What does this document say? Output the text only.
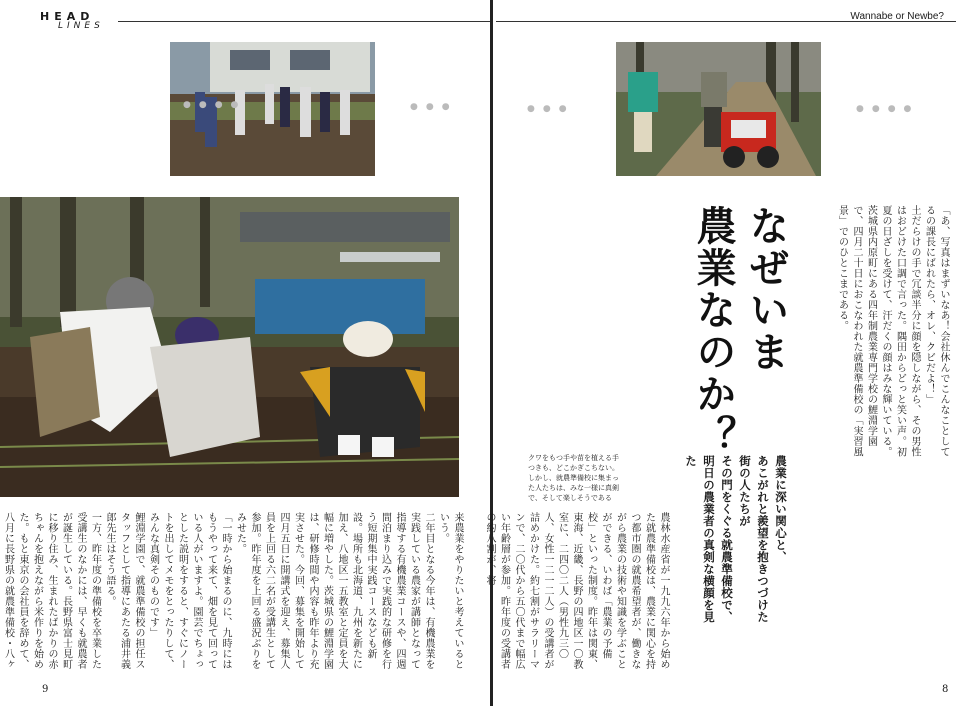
HEAD
LINES
Wannabe or Newbe?
●●●●	●●●	●●●	●●●●
なぜいま
農業なのか？
農業に深い関心と、
あこがれと羨望を抱きつづけた街の人たちが
その門をくぐる就農準備校で、
明日の農業者の真剣な横顔を見た
クワをもつ手や苗を植える手
つきも、どこかぎこちない。
しかし、就農準備校に集まっ
た人たちは、みな一様に真剣
で、そして楽しそうである

「あ、写真はまずいなあ！会社休んでこんなことしてるの課長にばれたら、オレ、クビだよ！」

土だらけの手で冗談半分に顔を隠しながら、その男性はおどけた口調で言った。隅田からどっと笑い声。初夏の日ざしを受けて、汗だくの顔はみな輝いている。茨城県内原町にある四年制農業専門学校の鯉淵学園で、四月二十日におこなわれた就農準備校の「実習風景」でのひとこまである。

農林水産省が一九九六年から始めた就農準備校は、農業に関心を持つ都市圏の就農希望者が、働きながら農業の技術や知識を学ぶことができる、いわば「農業の予備校」といった制度。昨年は関東、東海、近畿、長野の四地区一〇教室に、二四〇二人（男性九三〇人、女性一二一二人）の受講者が詰めかけた。約七割がサラリーマンで、二〇代から五〇代まで幅広い年齢層が参加。昨年度の受講者の約八割が、将

来農業をやりたいと考えているという。

二年目となる今年は、有機農業を実践している農家が講師となって指導する有機農業コースや、四週間泊まり込みで実践的な研修を行う短期集中実践コースなども新設。場所も北海道、九州を新たに加え、八地区一五教室と定員を大幅に増やした。茨城県の鯉淵学園は、研修時間や内容も昨年より充実させた。今回、募集を開始して四月五日に開講式を迎え、募集人員を上回る六二名が受講生として参加。昨年度を上回る盛況ぶりをみせた。

「一時から始まるのに、九時にはもうやって来て、畑を見て回っている人がいますよ。園芸でちょっとした説明をすると、すぐにノートを出してメモをとったりして、みんな真剣そのものです」

鯉淵学園で、就農準備校の担任スタッフとして指導にあたる浦井義郎先生はそう語る。

一方、昨年度の準備校を卒業した受講生のなかには、早くも就農者が誕生している。長野県富士見町に移り住み、生まれたばかりの赤ちゃんを抱えながら米作りを始めた。もと東京の会社員を辞めて、八月に長野県の就農準備校・八ヶ

9	8
